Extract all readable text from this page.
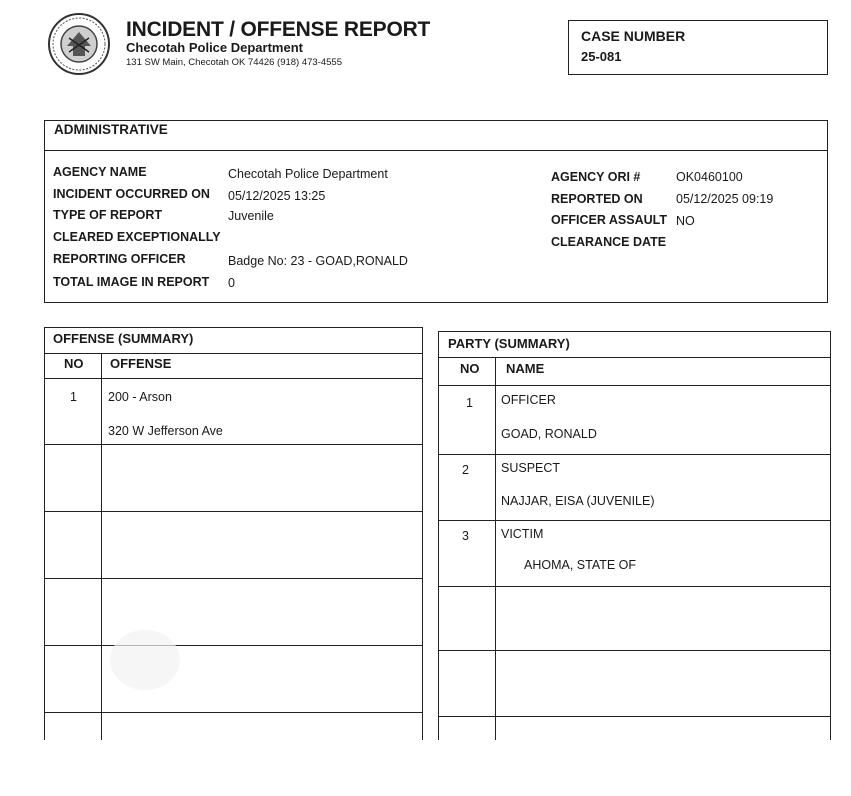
INCIDENT / OFFENSE REPORT
Checotah Police Department
131 SW Main, Checotah OK 74426 (918) 473-4555
CASE NUMBER
25-081
ADMINISTRATIVE
AGENCY NAME	Checotah Police Department
INCIDENT OCCURRED ON 05/12/2025 13:25
TYPE OF REPORT	Juvenile
CLEARED EXCEPTIONALLY
REPORTING OFFICER	Badge No: 23 - GOAD,RONALD
TOTAL IMAGE IN REPORT 0
AGENCY ORI #	OK0460100
REPORTED ON	05/12/2025 09:19
OFFICER ASSAULT NO
CLEARANCE DATE
OFFENSE (SUMMARY)
NO OFFENSE
1 200 - Arson
320 W Jefferson Ave
PARTY (SUMMARY)
NO NAME
1 OFFICER
GOAD, RONALD
2	SUSPECT
NAJJAR, EISA (JUVENILE)
3	VICTIM
AHOMA, STATE OF
